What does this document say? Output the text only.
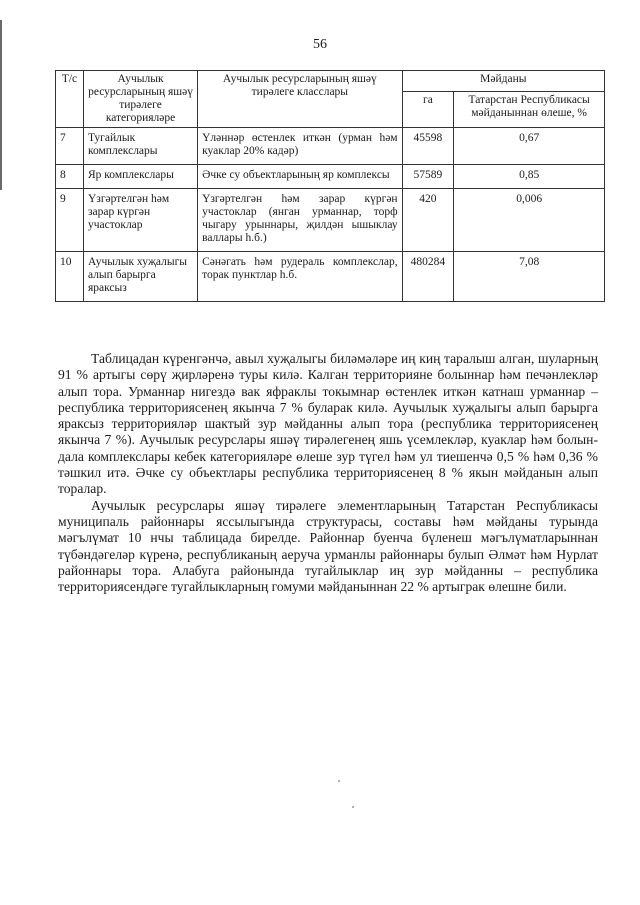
56
Т/с	Аучылык ресурсларының яшәү тирәлеге категорияләре	Аучылык ресурсларының яшәү тирәлеге класслары	Мәйданы	
			га	Татарстан Республикасы мәйданыннан өлеше, %
7	Тугайлык комплекслары	Үләннәр өстенлек иткән (урман һәм куаклар 20% кадәр)	45598	0,67
8	Яр комплекслары	Әчке су объектларының яр комплексы	57589	0,85
9	Үзгәртелгән һәм зарар күргән участоклар	Үзгәртелгән һәм зарар күргән участоклар (янган урманнар, торф чыгару урыннары, җилдән ышыклау валлары һ.б.)	420	0,006
10	Аучылык хуҗалыгы алып барырга яраксыз	Сәнәгать һәм рудераль комплекслар, торак пунктлар һ.б.	480284	7,08

Таблицадан күренгәнчә, авыл хуҗалыгы биләмәләре иң киң таралыш алган, шуларның 91 % артыгы сөрү җирләренә туры килә. Калган территорияне болыннар һәм печәнлекләр алып тора. Урманнар нигездә вак яфраклы токымнар өстенлек иткән катнаш урманнар – республика территориясенең якынча 7 % буларак килә. Аучылык хуҗалыгы алып барырга яраксыз территорияләр шактый зур мәйданны алып тора (республика территориясенең якынча 7 %). Аучылык ресурслары яшәү тирәлегенең яшь үсемлекләр, куаклар һәм болын-дала комплекслары кебек категорияләре өлеше зур түгел һәм ул тиешенчә 0,5 % һәм 0,36 % тәшкил итә. Әчке су объектлары республика территориясенең 8 % якын мәйданын алып торалар.

Аучылык ресурслары яшәү тирәлеге элементларының Татарстан Республикасы муниципаль районнары яссылыгында структурасы, составы һәм мәйданы турында мәгълүмат 10 нчы таблицада бирелде. Районнар буенча бүленеш мәгълүматларыннан түбәндәгеләр күренә, республиканың аеруча урманлы районнары булып Әлмәт һәм Нурлат районнары тора. Алабуга районында тугайлыклар иң зур мәйданны – республика территориясендәге тугайлыкларның гомуми мәйданыннан 22 % артыграк өлешне били.
